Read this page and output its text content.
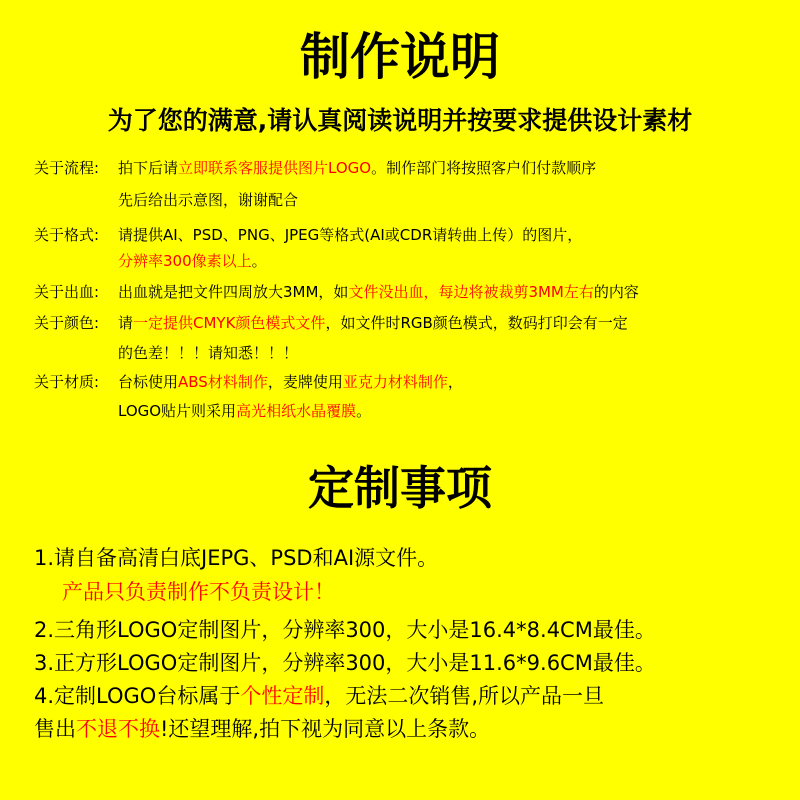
制作说明
为了您的满意,请认真阅读说明并按要求提供设计素材
关于流程: 拍下后请立即联系客服提供图片LOGO。制作部门将按照客户们付款顺序
先后给出示意图，谢谢配合
关于格式: 请提供AI、PSD、PNG、JPEG等格式(AI或CDR请转曲上传）的图片，
分辨率300像素以上。
关于出血: 出血就是把文件四周放大3MM，如文件没出血，每边将被裁剪3MM左右的内容
关于颜色: 请一定提供CMYK颜色模式文件，如文件时RGB颜色模式，数码打印会有一定
的色差！！！请知悉！！！
关于材质: 台标使用ABS材料制作，麦牌使用亚克力材料制作，
LOGO贴片则采用高光相纸水晶覆膜。
定制事项
1.请自备高清白底JEPG、PSD和AI源文件。
产品只负责制作不负责设计！
2.三角形LOGO定制图片，分辨率300，大小是16.4*8.4CM最佳。
3.正方形LOGO定制图片，分辨率300，大小是11.6*9.6CM最佳。
4.定制LOGO台标属于个性定制，无法二次销售,所以产品一旦
售出不退不换!还望理解,拍下视为同意以上条款。
